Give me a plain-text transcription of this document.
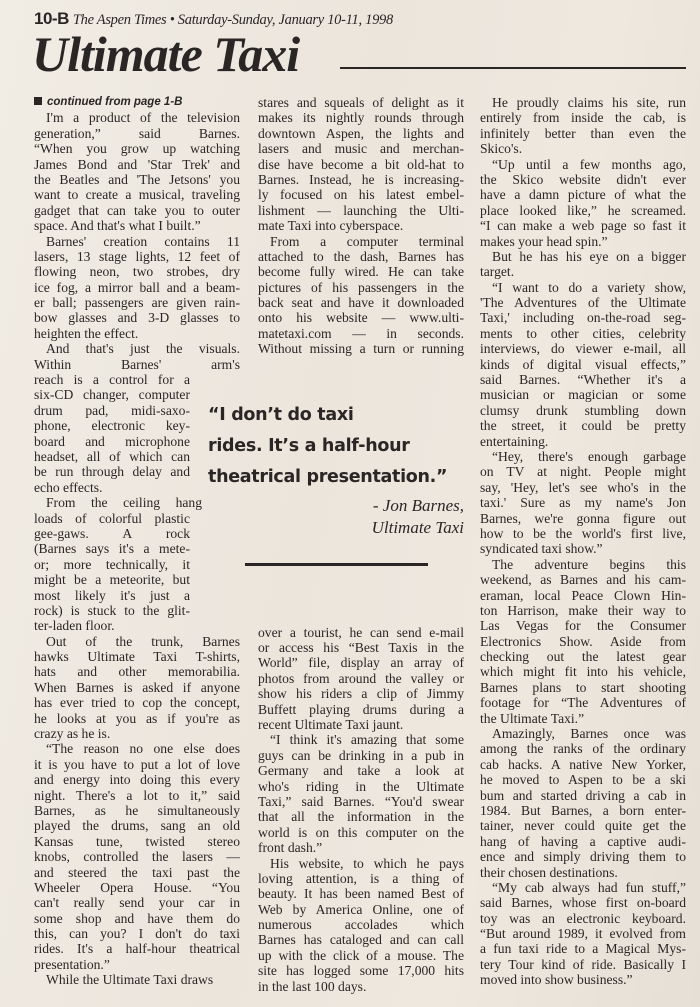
10-B The Aspen Times • Saturday-Sunday, January 10-11, 1998
Ultimate Taxi
continued from page 1-B
I'm a product of the television
generation,” said Barnes.
“When you grow up watching
James Bond and 'Star Trek' and
the Beatles and 'The Jetsons' you
want to create a musical, traveling
gadget that can take you to outer
space. And that's what I built.”
Barnes' creation contains 11
lasers, 13 stage lights, 12 feet of
flowing neon, two strobes, dry
ice fog, a mirror ball and a beam-
er ball; passengers are given rain-
bow glasses and 3-D glasses to
heighten the effect.
And that's just the visuals.
Within Barnes' arm's
reach is a control for a
six-CD changer, computer
drum pad, midi-saxo-
phone, electronic key-
board and microphone
headset, all of which can
be run through delay and
echo effects.
From the ceiling hang
loads of colorful plastic
gee-gaws. A rock
(Barnes says it's a mete-
or; more technically, it
might be a meteorite, but
most likely it's just a
rock) is stuck to the glit-
ter-laden floor.
Out of the trunk, Barnes
hawks Ultimate Taxi T-shirts,
hats and other memorabilia.
When Barnes is asked if anyone
has ever tried to cop the concept,
he looks at you as if you're as
crazy as he is.
“The reason no one else does
it is you have to put a lot of love
and energy into doing this every
night. There's a lot to it,” said
Barnes, as he simultaneously
played the drums, sang an old
Kansas tune, twisted stereo
knobs, controlled the lasers —
and steered the taxi past the
Wheeler Opera House. “You
can't really send your car in
some shop and have them do
this, can you? I don't do taxi
rides. It's a half-hour theatrical
presentation.”
While the Ultimate Taxi draws
stares and squeals of delight as it
makes its nightly rounds through
downtown Aspen, the lights and
lasers and music and merchan-
dise have become a bit old-hat to
Barnes. Instead, he is increasing-
ly focused on his latest embel-
lishment — launching the Ulti-
mate Taxi into cyberspace.
From a computer terminal
attached to the dash, Barnes has
become fully wired. He can take
pictures of his passengers in the
back seat and have it downloaded
onto his website — www.ulti-
matetaxi.com — in seconds.
Without missing a turn or running
over a tourist, he can send e-mail
or access his “Best Taxis in the
World” file, display an array of
photos from around the valley or
show his riders a clip of Jimmy
Buffett playing drums during a
recent Ultimate Taxi jaunt.
“I think it's amazing that some
guys can be drinking in a pub in
Germany and take a look at
who's riding in the Ultimate
Taxi,” said Barnes. “You'd swear
that all the information in the
world is on this computer on the
front dash.”
His website, to which he pays
loving attention, is a thing of
beauty. It has been named Best of
Web by America Online, one of
numerous accolades which
Barnes has cataloged and can call
up with the click of a mouse. The
site has logged some 17,000 hits
in the last 100 days.
He proudly claims his site, run
entirely from inside the cab, is
infinitely better than even the
Skico's.
“Up until a few months ago,
the Skico website didn't ever
have a damn picture of what the
place looked like,” he screamed.
“I can make a web page so fast it
makes your head spin.”
But he has his eye on a bigger
target.
“I want to do a variety show,
'The Adventures of the Ultimate
Taxi,' including on-the-road seg-
ments to other cities, celebrity
interviews, do viewer e-mail, all
kinds of digital visual effects,”
said Barnes. “Whether it's a
musician or magician or some
clumsy drunk stumbling down
the street, it could be pretty
entertaining.
“Hey, there's enough garbage
on TV at night. People might
say, 'Hey, let's see who's in the
taxi.' Sure as my name's Jon
Barnes, we're gonna figure out
how to be the world's first live,
syndicated taxi show.”
The adventure begins this
weekend, as Barnes and his cam-
eraman, local Peace Clown Hin-
ton Harrison, make their way to
Las Vegas for the Consumer
Electronics Show. Aside from
checking out the latest gear
which might fit into his vehicle,
Barnes plans to start shooting
footage for “The Adventures of
the Ultimate Taxi.”
Amazingly, Barnes once was
among the ranks of the ordinary
cab hacks. A native New Yorker,
he moved to Aspen to be a ski
bum and started driving a cab in
1984. But Barnes, a born enter-
tainer, never could quite get the
hang of having a captive audi-
ence and simply driving them to
their chosen destinations.
“My cab always had fun stuff,”
said Barnes, whose first on-board
toy was an electronic keyboard.
“But around 1989, it evolved from
a fun taxi ride to a Magical Mys-
tery Tour kind of ride. Basically I
moved into show business.”
“I don’t do taxi
rides. It’s a half-hour
theatrical presentation.”
- Jon Barnes,
Ultimate Taxi
